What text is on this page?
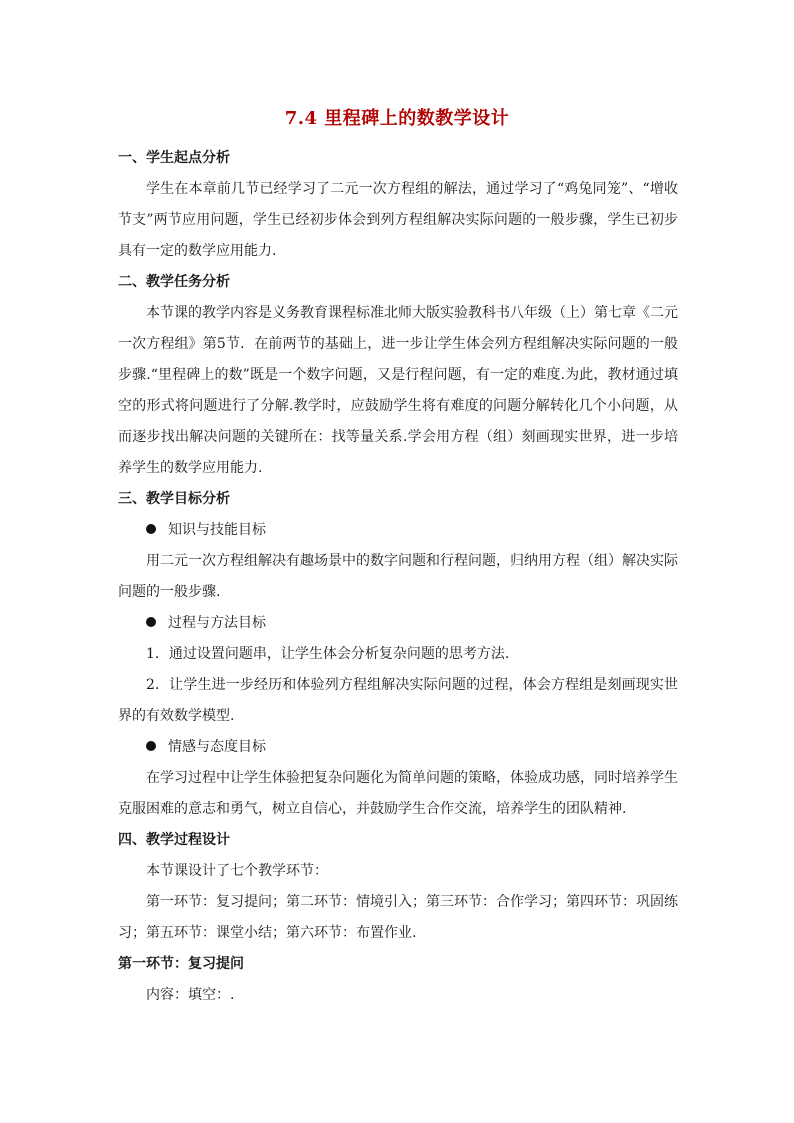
7.4 里程碑上的数教学设计

一、学生起点分析

学生在本章前几节已经学习了二元一次方程组的解法，通过学习了“鸡兔同笼”、“增收节支”两节应用问题，学生已经初步体会到列方程组解决实际问题的一般步骤，学生已初步具有一定的数学应用能力.

二、教学任务分析

本节课的教学内容是义务教育课程标准北师大版实验教科书八年级（上）第七章《二元一次方程组》第5节．在前两节的基础上，进一步让学生体会列方程组解决实际问题的一般步骤.“里程碑上的数”既是一个数字问题，又是行程问题，有一定的难度.为此，教材通过填空的形式将问题进行了分解.教学时，应鼓励学生将有难度的问题分解转化几个小问题，从而逐步找出解决问题的关键所在：找等量关系.学会用方程（组）刻画现实世界，进一步培养学生的数学应用能力.

三、教学目标分析

知识与技能目标

用二元一次方程组解决有趣场景中的数字问题和行程问题，归纳用方程（组）解决实际问题的一般步骤.

过程与方法目标

1．通过设置问题串，让学生体会分析复杂问题的思考方法.

2．让学生进一步经历和体验列方程组解决实际问题的过程，体会方程组是刻画现实世界的有效数学模型.

情感与态度目标

在学习过程中让学生体验把复杂问题化为简单问题的策略，体验成功感，同时培养学生克服困难的意志和勇气，树立自信心，并鼓励学生合作交流，培养学生的团队精神.

四、教学过程设计

本节课设计了七个教学环节：

第一环节：复习提问；第二环节：情境引入；第三环节：合作学习；第四环节：巩固练习；第五环节：课堂小结；第六环节：布置作业.

第一环节：复习提问

内容：填空：.
